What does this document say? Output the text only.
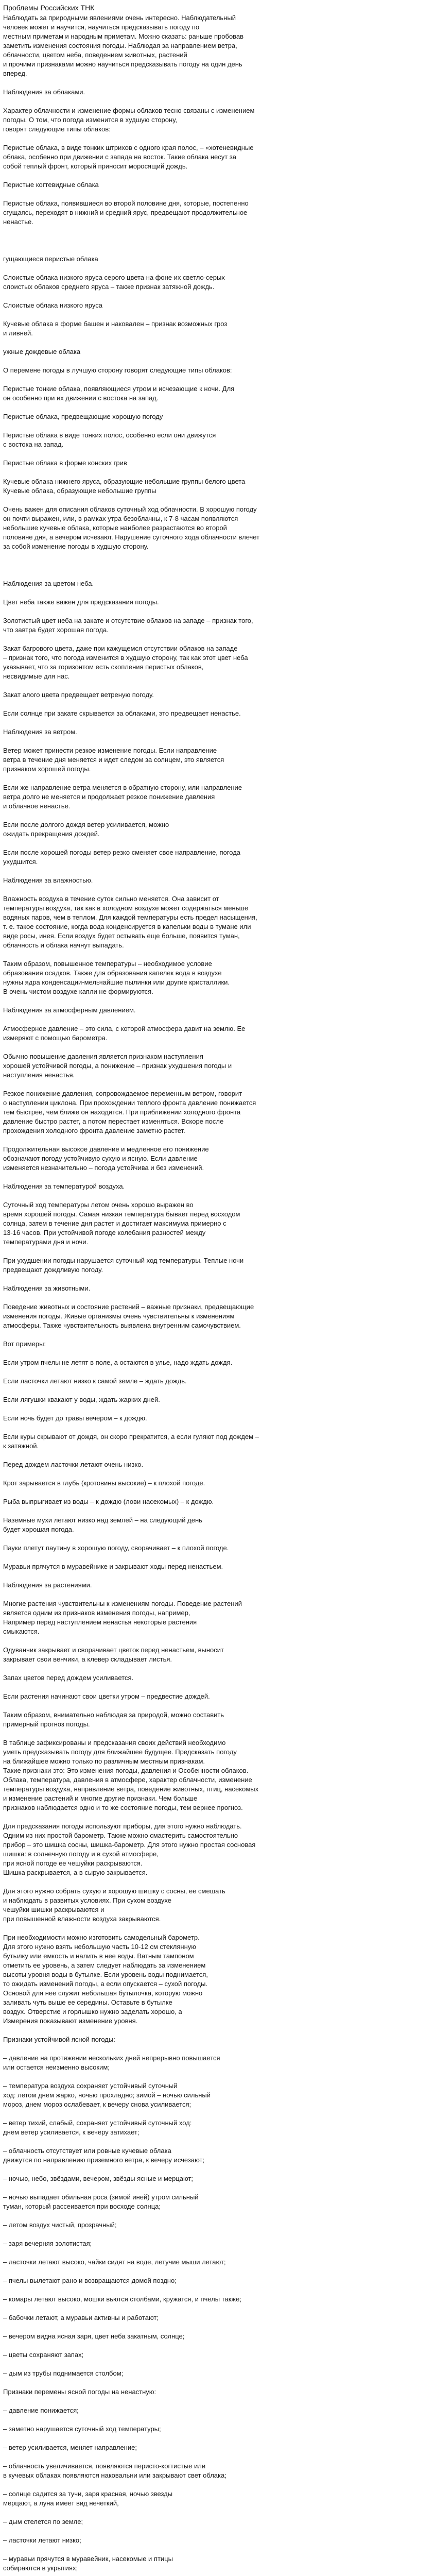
Проблемы Российских ТНК

Наблюдать за природными явлениями очень интересно. Наблюдательный

человек может и научится, научиться предсказывать погоду по

местным приметам и народным приметам. Можно сказать: раньше пробовав

заметить изменения состояния погоды. Наблюдая за направлением ветра,

облачности, цветом неба, поведением животных, растений

и прочими признаками можно научиться предсказывать погоду на один день

вперед.

Наблюдения за облаками.

Характер облачности и изменение формы облаков тесно связаны с изменением

погоды. О том, что погода изменится в худшую сторону,

говорят следующие типы облаков:

Перистые облака, в виде тонких штрихов с одного края полос, – «хотеневидные

облака, особенно при движении с запада на восток. Такие облака несут за

собой теплый фронт, который приносит моросящий дождь.

Перистые когтевидные облака

Перистые облака, появившиеся во второй половине дня, которые, постепенно

сгущаясь, переходят в нижний и средний ярус, предвещают продолжительное

ненастье.

гущающиеся перистые облака

Слоистые облака низкого яруса серого цвета на фоне их светло-серых

слоистых облаков среднего яруса – также признак затяжной дождь.

Слоистые облака низкого яруса

Кучевые облака в форме башен и наковален – признак возможных гроз

и ливней.

ужные дождевые облака

О перемене погоды в лучшую сторону говорят следующие типы облаков:

Перистые тонкие облака, появляющиеся утром и исчезающие к ночи. Для

он особенно при их движении с востока на запад.

Перистые облака, предвещающие хорошую погоду

Перистые облака в виде тонких полос, особенно если они движутся

с востока на запад.

Перистые облака в форме конских грив

Кучевые облака нижнего яруса, образующие небольшие группы белого цвета

Кучевые облака, образующие небольшие группы

Очень важен для описания облаков суточный ход облачности. В хорошую погоду

он почти выражен, или, в рамках утра безоблачны, к 7-8 часам появляются

небольшие кучевые облака, которые наиболее разрастаются во второй

половине дня, а вечером исчезают. Нарушение суточного хода облачности влечет

за собой изменение погоды в худшую сторону.

Наблюдения за цветом неба.

Цвет неба также важен для предсказания погоды.

Золотистый цвет неба на закате и отсутствие облаков на западе – признак того,

что завтра будет хорошая погода.

Закат багрового цвета, даже при кажущемся отсутствии облаков на западе

– признак того, что погода изменится в худшую сторону, так как этот цвет неба

указывает, что за горизонтом есть скопления перистых облаков,

несвидимые для нас.

Закат алого цвета предвещает ветреную погоду.

Если солнце при закате скрывается за облаками, это предвещает ненастье.

Наблюдения за ветром.

Ветер может принести резкое изменение погоды. Если направление

ветра в течение дня меняется и идет следом за солнцем, это является

признаком хорошей погоды.

Если же направление ветра меняется в обратную сторону, или направление

ветра долго не меняется и продолжает резкое понижение давления

и облачное ненастье.

Если после долгого дождя ветер усиливается, можно

ожидать прекращения дождей.

Если после хорошей погоды ветер резко сменяет свое направление, погода

ухудшится.

Наблюдения за влажностью.

Влажность воздуха в течение суток сильно меняется. Она зависит от

температуры воздуха, так как в холодном воздухе может содержаться меньше

водяных паров, чем в теплом. Для каждой температуры есть предел насыщения,

т. е. такое состояние, когда вода конденсируется в капельки воды в тумане или

виде росы, инея. Если воздух будет остывать еще больше, появится туман,

облачность и облака начнут выпадать.

Таким образом, повышенное температуры – необходимое условие

образования осадков. Также для образования капелек вода в воздухе

нужны ядра конденсации-мельчайшие пылинки или другие кристаллики.

В очень чистом воздухе капли не формируются.

Наблюдения за атмосферным давлением.

Атмосферное давление – это сила, с которой атмосфера давит на землю. Ее

измеряют с помощью барометра.

Обычно повышение давления является признаком наступления

хорошей устойчивой погоды, а понижение – признак ухудшения погоды и

наступления ненастья.

Резкое понижение давления, сопровождаемое переменным ветром, говорит

о наступлении циклона. При прохождении теплого фронта давление понижается

тем быстрее, чем ближе он находится. При приближении холодного фронта

давление быстро растет, а потом перестает изменяться. Вскоре после

прохождения холодного фронта давление заметно растет.

Продолжительная высокое давление и медленное его понижение

обозначают погоду устойчивую сухую и ясную. Если давление

изменяется незначительно – погода устойчива и без изменений.

Наблюдения за температурой воздуха.

Суточный ход температуры летом очень хорошо выражен во

время хорошей погоды. Самая низкая температура бывает перед восходом

солнца, затем в течение дня растет и достигает максимума примерно с

13-16 часов. При устойчивой погоде колебания разностей между

температурами дня и ночи.

При ухудшении погоды нарушается суточный ход температуры. Теплые ночи

предвещают дождливую погоду.

Наблюдения за животными.

Поведение животных и состояние растений – важные признаки, предвещающие

изменения погоды. Живые организмы очень чувствительны к изменениям

атмосферы. Также чувствительность выявлена внутренним самочувствием.

Вот примеры:

Если утром пчелы не летят в поле, а остаются в улье, надо ждать дождя.

Если ласточки летают низко к самой земле – ждать дождь.

Если лягушки квакают у воды, ждать жарких дней.

Если ночь будет до травы вечером – к дождю.

Если куры скрывают от дождя, он скоро прекратится, а если гуляют под дождем –

к затяжной.

Перед дождем ласточки летают очень низко.

Крот зарывается в глубь (кротовины высокие) – к плохой погоде.

Рыба выпрыгивает из воды – к дождю (лови насекомых) – к дождю.

Наземные мухи летают низко над землей – на следующий день

будет хорошая погода.

Пауки плетут паутину в хорошую погоду, сворачивает – к плохой погоде.

Муравьи прячутся в муравейнике и закрывают ходы перед ненастьем.

Наблюдения за растениями.

Многие растения чувствительны к изменениям погоды. Поведение растений

является одним из признаков изменения погоды, например,

Например перед наступлением ненастья некоторые растения

смыкаются.

Одуванчик закрывает и сворачивает цветок перед ненастьем, выносит

закрывает свои венчики, а клевер складывает листья.

Запах цветов перед дождем усиливается.

Если растения начинают свои цветки утром – предвестие дождей.

Таким образом, внимательно наблюдая за природой, можно составить

примерный прогноз погоды.

В таблице зафиксированы и предсказания своих действий необходимо

уметь предсказывать погоду для ближайшее будущее. Предсказать погоду

на ближайшее можно только по различным местным признакам.

Такие признаки это: Это изменения погоды, давления и Особенности облаков.

Облака, температура, давления в атмосфере, характер облачности, изменение

температуры воздуха, направление ветра, поведение животных, птиц, насекомых

и изменение растений и многие другие признаки. Чем больше

признаков наблюдается одно и то же состояние погоды, тем вернее прогноз.

Для предсказания погоды используют приборы, для этого нужно наблюдать.

Одним из них простой барометр. Также можно смастерить самостоятельно

прибор – это шишка сосны, шишка-барометр. Для этого нужно простая сосновая

шишка: в солнечную погоду и в сухой атмосфере,

при ясной погоде ее чешуйки раскрываются.

Шишка раскрывается, а в сырую закрывается.

Для этого нужно собрать сухую и хорошую шишку с сосны, ее смешать

и наблюдать в развитых условиях. При сухом воздухе

чешуйки шишки раскрываются и

при повышенной влажности воздуха закрываются.

При необходимости можно изготовить самодельный барометр.

Для этого нужно взять небольшую часть 10-12 см стеклянную

бутылку или емкость и налить в нее воды. Ватным тампоном

отметить ее уровень, а затем следует наблюдать за изменением

высоты уровня воды в бутылке. Если уровень воды поднимается,

то ожидать изменений погоды, а если опускается – сухой погоды.

Основой для нее служит небольшая бутылочка, которую можно

заливать чуть выше ее середины. Оставьте в бутылке

воздух. Отверстие и горлышко нужно заделать хорошо, а

Измерения показывают изменение уровня.

Признаки устойчивой ясной погоды:

– давление на протяжении нескольких дней непрерывно повышается

или остается неизменно высоким;

– температура воздуха сохраняет устойчивый суточный

ход: летом днем жарко, ночью прохладно; зимой – ночью сильный

мороз, днем мороз ослабевает, к вечеру снова усиливается;

– ветер тихий, слабый, сохраняет устойчивый суточный ход:

днем ветер усиливается, к вечеру затихает;

– облачность отсутствует или ровные кучевые облака

движутся по направлению приземного ветра, к вечеру исчезают;

– ночью, небо, звёздами, вечером, звёзды ясные и мерцают;

– ночью выпадает обильная роса (зимой иней) утром сильный

туман, который рассеивается при восходе солнца;

– летом воздух чистый, прозрачный;

– заря вечерняя золотистая;

– ласточки летают высоко, чайки сидят на воде, летучие мыши летают;

– пчелы вылетают рано и возвращаются домой поздно;

– комары летают высоко, мошки вьются столбами, кружатся, и пчелы также;

– бабочки летают, а муравьи активны и работают;

– вечером видна ясная заря, цвет неба закатным, солнце;

– цветы сохраняют запах;

– дым из трубы поднимается столбом;

Признаки перемены ясной погоды на ненастную:

– давление понижается;

– заметно нарушается суточный ход температуры;

– ветер усиливается, меняет направление;

– облачность увеличивается, появляются перисто-когтистые или

в кучевых облаках появляются наковальни или закрывают свет облака;

– солнце садится за тучи, заря красная, ночью звезды

мерцают, а луна имеет вид нечеткий,

– дым стелется по земле;

– ласточки летают низко;

– муравьи прячутся в муравейник, насекомые и птицы

собираются в укрытиях;
